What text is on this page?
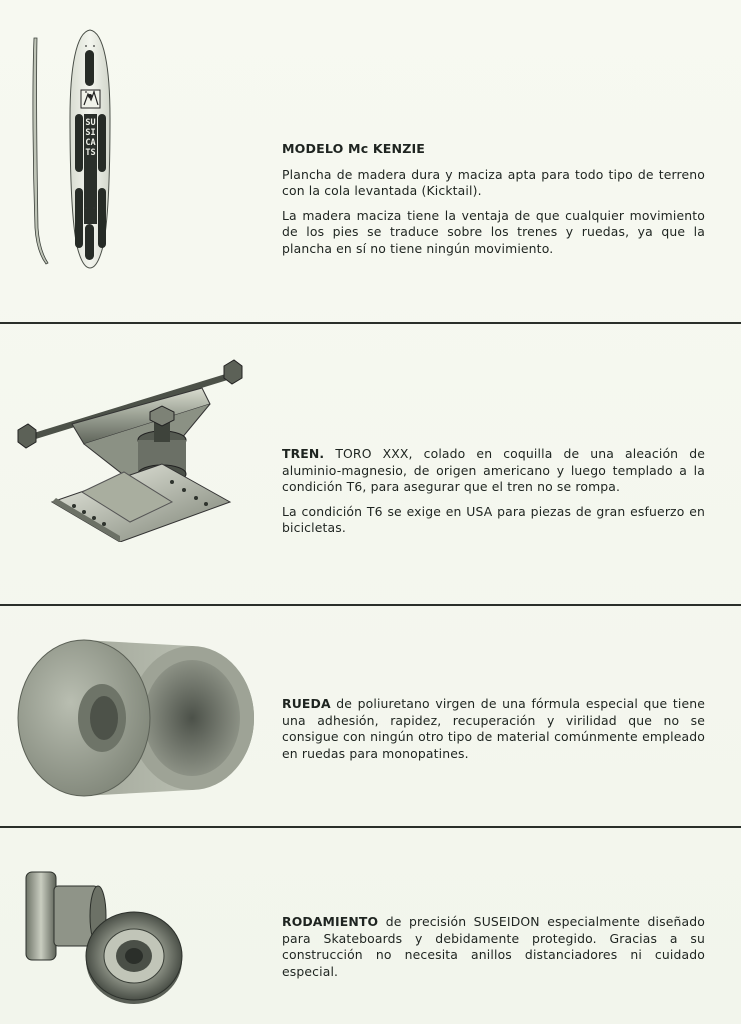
SUSI CATS	MODELO Mc KENZIE

Plancha de madera dura y maciza apta para todo tipo de terreno con la cola levantada (Kicktail).

La madera maciza tiene la ventaja de que cualquier movimiento de los pies se traduce sobre los trenes y ruedas, ya que la plancha en sí no tiene ningún movimiento.

TREN. TORO XXX, colado en coquilla de una aleación de aluminio-magnesio, de origen americano y luego templado a la condición T6, para asegurar que el tren no se rompa.

La condición T6 se exige en USA para piezas de gran esfuerzo en bicicletas.

RUEDA de poliuretano virgen de una fórmula especial que tiene una adhesión, rapidez, recuperación y virilidad que no se consigue con ningún otro tipo de material comúnmente empleado en ruedas para monopatines.

RODAMIENTO de precisión SUSEIDON especialmente diseñado para Skateboards y debidamente protegido. Gracias a su construcción no necesita anillos distanciadores ni cuidado especial.
